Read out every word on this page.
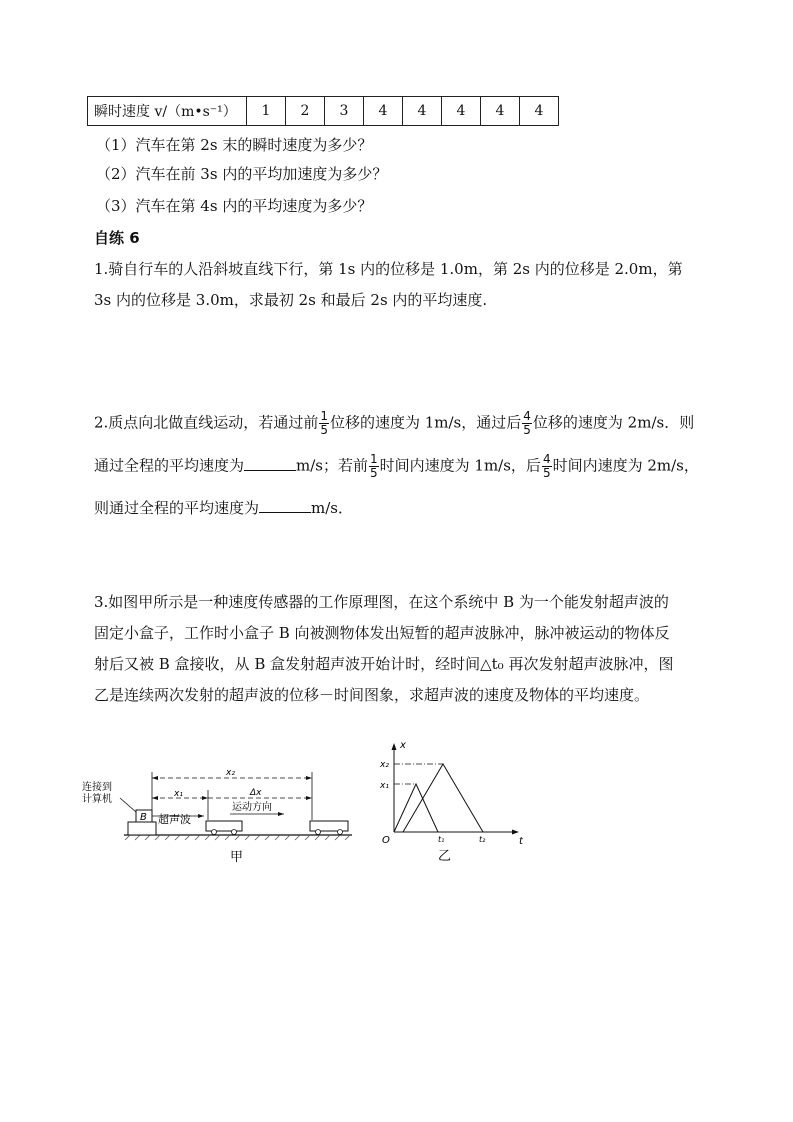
瞬时速度 v/（m•s⁻¹）	1	2	3	4	4	4	4	4
（1）汽车在第 2s 末的瞬时速度为多少？
（2）汽车在前 3s 内的平均加速度为多少？
（3）汽车在第 4s 内的平均速度为多少？
自练 6
1.骑自行车的人沿斜坡直线下行，第 1s 内的位移是 1.0m，第 2s 内的位移是 2.0m，第
3s 内的位移是 3.0m，求最初 2s 和最后 2s 内的平均速度.
2.质点向北做直线运动，若通过前 $\frac{1}{5}$ 位移的速度为 1m/s，通过后 $\frac{4}{5}$ 位移的速度为 2m/s．则
通过全程的平均速度为	m/s；若前 $\frac{1}{5}$ 时间内速度为 1m/s，后 $\frac{4}{5}$ 时间内速度为 2m/s，
则通过全程的平均速度为	m/s．
3.如图甲所示是一种速度传感器的工作原理图，在这个系统中 B 为一个能发射超声波的
固定小盒子，工作时小盒子 B 向被测物体发出短暂的超声波脉冲，脉冲被运动的物体反
射后又被 B 盒接收，从 B 盒发射超声波开始计时，经时间△t₀ 再次发射超声波脉冲，图
乙是连续两次发射的超声波的位移－时间图象，求超声波的速度及物体的平均速度。
B
连接到
计算机
x₂
x₁	Δx
超声波
运动方向
甲
x
t
O
x₁
x₂
t₁	t₂
乙
